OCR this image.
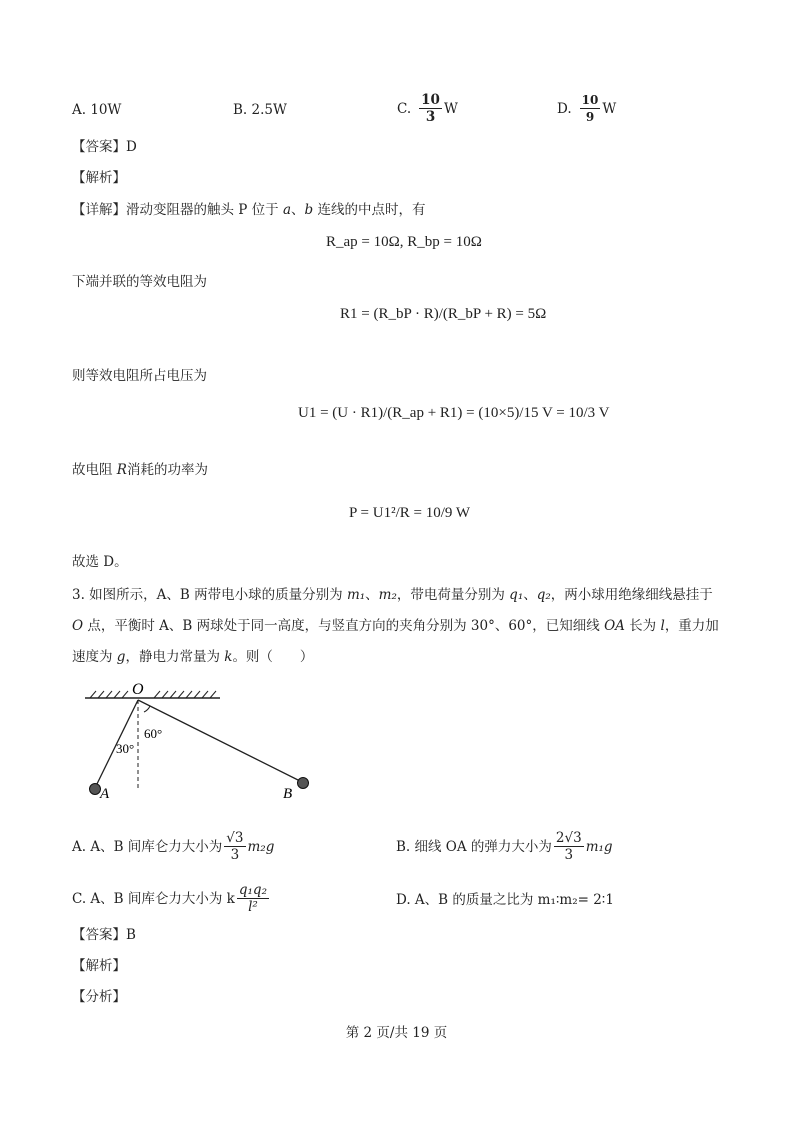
A. 10W	B. 2.5W	C. $\frac{10}{3}$ W	D. $\frac{10}{9}$ W
【答案】D
【解析】
【详解】滑动变阻器的触头 P 位于 a、b 连线的中点时，有
R_ap = 10Ω, R_bp = 10Ω
下端并联的等效电阻为
R1 = (R_bP · R)/(R_bP + R) = 5Ω
则等效电阻所占电压为
U1 = (U · R1)/(R_ap + R1) = (10×5)/15 V = 10/3 V
故电阻 R消耗的功率为
P = U1²/R = 10/9 W
故选 D。
3. 如图所示，A、B 两带电小球的质量分别为 m₁、m₂，带电荷量分别为 q₁、q₂，两小球用绝缘细线悬挂于
O 点，平衡时 A、B 两球处于同一高度，与竖直方向的夹角分别为 30°、60°，已知细线 OA 长为 l，重力加
速度为 g，静电力常量为 k。则（　　）
O
A	B
30°
60°
A. A、B 间库仑力大小为 $\frac{√3}{3} m_2g$	B. 细线 OA 的弹力大小为 $\frac{2√3}{3} m_1g$
C. A、B 间库仑力大小为 k $\frac{\text{q₁q₂}}{\text{l²}}$	D. A、B 的质量之比为 m₁∶m₂= 2∶1
【答案】B
【解析】
【分析】
第 2 页/共 19 页
